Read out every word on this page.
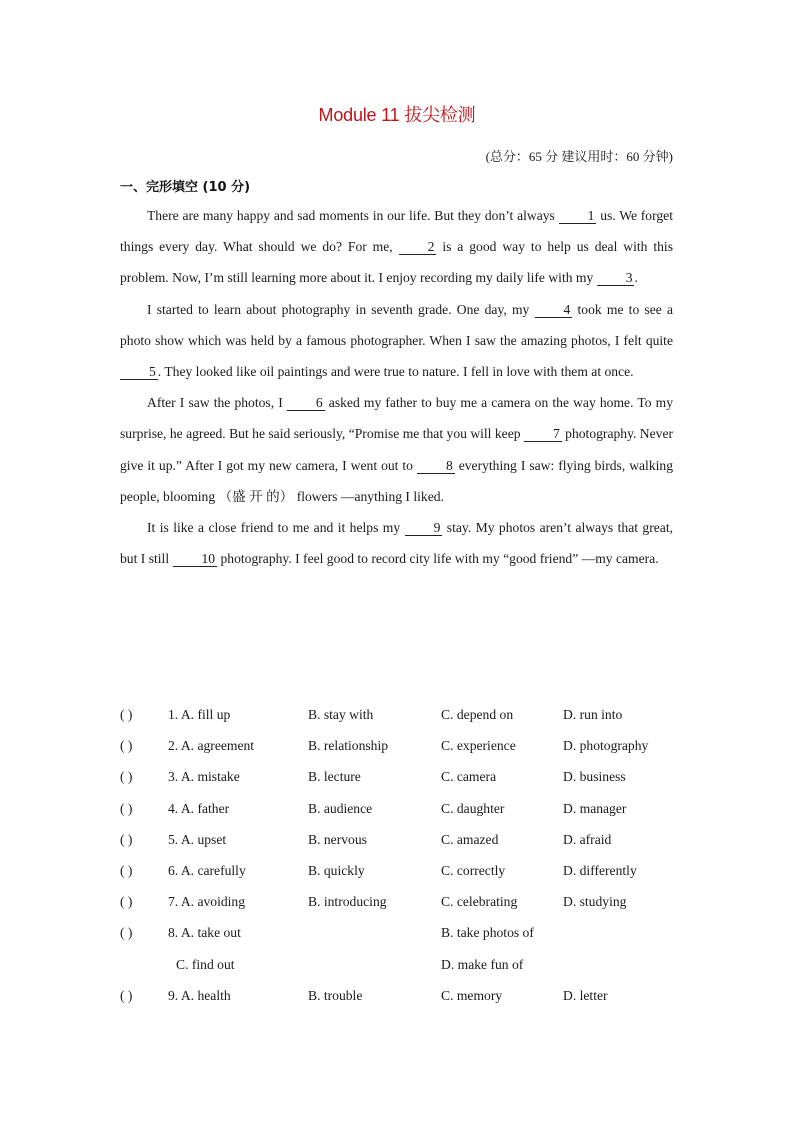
Module 11 拔尖检测
(总分：65 分 建议用时：60 分钟)
一、完形填空 (10 分)

There are many happy and sad moments in our life. But they don’t always 1 us. We forget things every day. What should we do? For me, 2 is a good way to help us deal with this problem. Now, I’m still learning more about it. I enjoy recording my daily life with my 3 .

I started to learn about photography in seventh grade. One day, my 4 took me to see a photo show which was held by a famous photographer. When I saw the amazing photos, I felt quite 5 . They looked like oil paintings and were true to nature. I fell in love with them at once.

After I saw the photos, I 6 asked my father to buy me a camera on the way home. To my surprise, he agreed. But he said seriously, “Promise me that you will keep 7 photography. Never give it up.” After I got my new camera, I went out to 8 everything I saw: flying birds, walking people, blooming （盛 开 的） flowers —anything I liked.

It is like a close friend to me and it helps my 9 stay. My photos aren’t always that great, but I still 10 photography. I feel good to record city life with my “good friend” —my camera.

( )	1. A. fill up	B. stay with	C. depend on	D. run into
( )	2. A. agreement	B. relationship	C. experience	D. photography
( )	3. A. mistake	B. lecture	C. camera	D. business
( )	4. A. father	B. audience	C. daughter	D. manager
( )	5. A. upset	B. nervous	C. amazed	D. afraid
( )	6. A. carefully	B. quickly	C. correctly	D. differently
( )	7. A. avoiding	B. introducing	C. celebrating	D. studying
( )	8. A. take out	B. take photos of
C. find out	D. make fun of
( )	9. A. health	B. trouble	C. memory	D. letter
